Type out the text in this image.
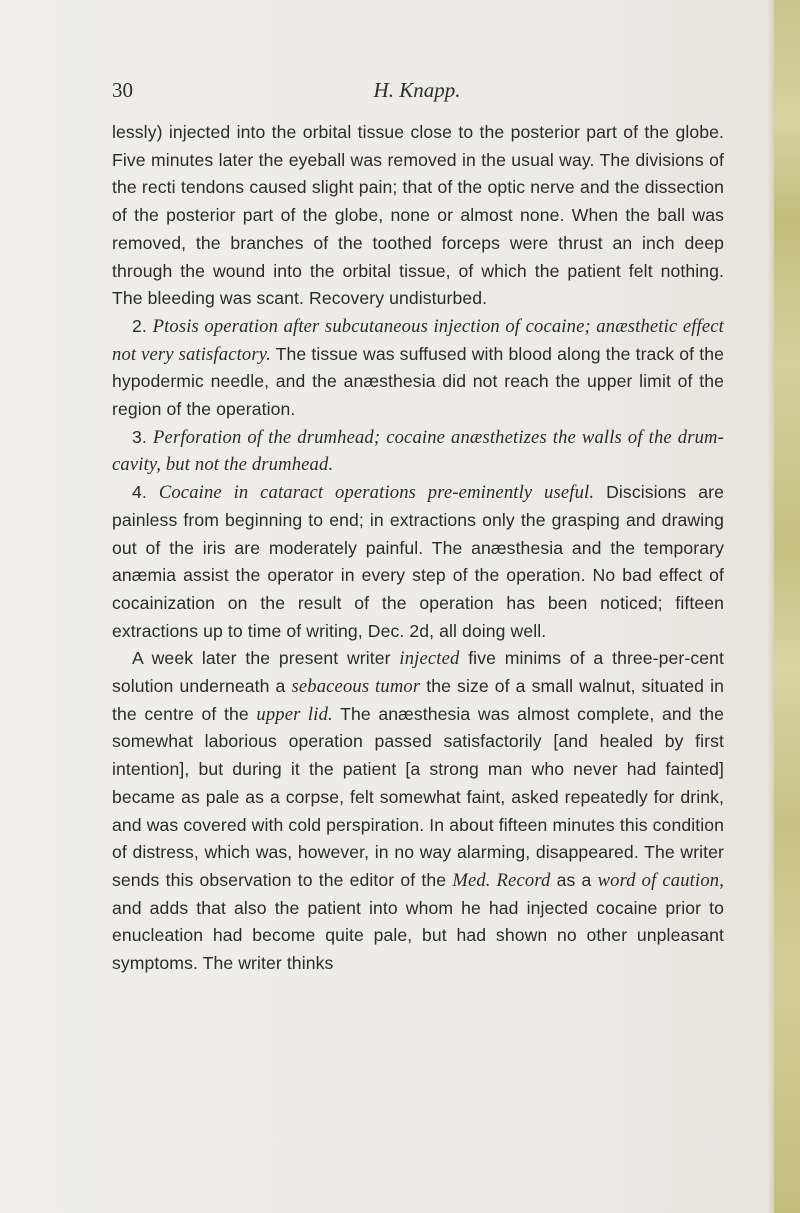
30	H. Knapp.

lessly) injected into the orbital tissue close to the posterior part of the globe. Five minutes later the eyeball was removed in the usual way. The divisions of the recti tendons caused slight pain; that of the optic nerve and the dissection of the posterior part of the globe, none or almost none. When the ball was removed, the branches of the toothed forceps were thrust an inch deep through the wound into the orbital tissue, of which the patient felt nothing. The bleeding was scant. Recovery undisturbed.

2. Ptosis operation after subcutaneous injection of cocaine; anæsthetic effect not very satisfactory. The tissue was suffused with blood along the track of the hypodermic needle, and the anæsthesia did not reach the upper limit of the region of the operation.

3. Perforation of the drumhead; cocaine anæsthetizes the walls of the drum-cavity, but not the drumhead.

4. Cocaine in cataract operations pre-eminently useful. Discisions are painless from beginning to end; in extractions only the grasping and drawing out of the iris are moderately painful. The anæsthesia and the temporary anæmia assist the operator in every step of the operation. No bad effect of cocainization on the result of the operation has been noticed; fifteen extractions up to time of writing, Dec. 2d, all doing well.

A week later the present writer injected five minims of a three-per-cent solution underneath a sebaceous tumor the size of a small walnut, situated in the centre of the upper lid. The anæsthesia was almost complete, and the somewhat laborious operation passed satisfactorily [and healed by first intention], but during it the patient [a strong man who never had fainted] became as pale as a corpse, felt somewhat faint, asked repeatedly for drink, and was covered with cold perspiration. In about fifteen minutes this condition of distress, which was, however, in no way alarming, disappeared. The writer sends this observation to the editor of the Med. Record as a word of caution, and adds that also the patient into whom he had injected cocaine prior to enucleation had become quite pale, but had shown no other unpleasant symptoms. The writer thinks
